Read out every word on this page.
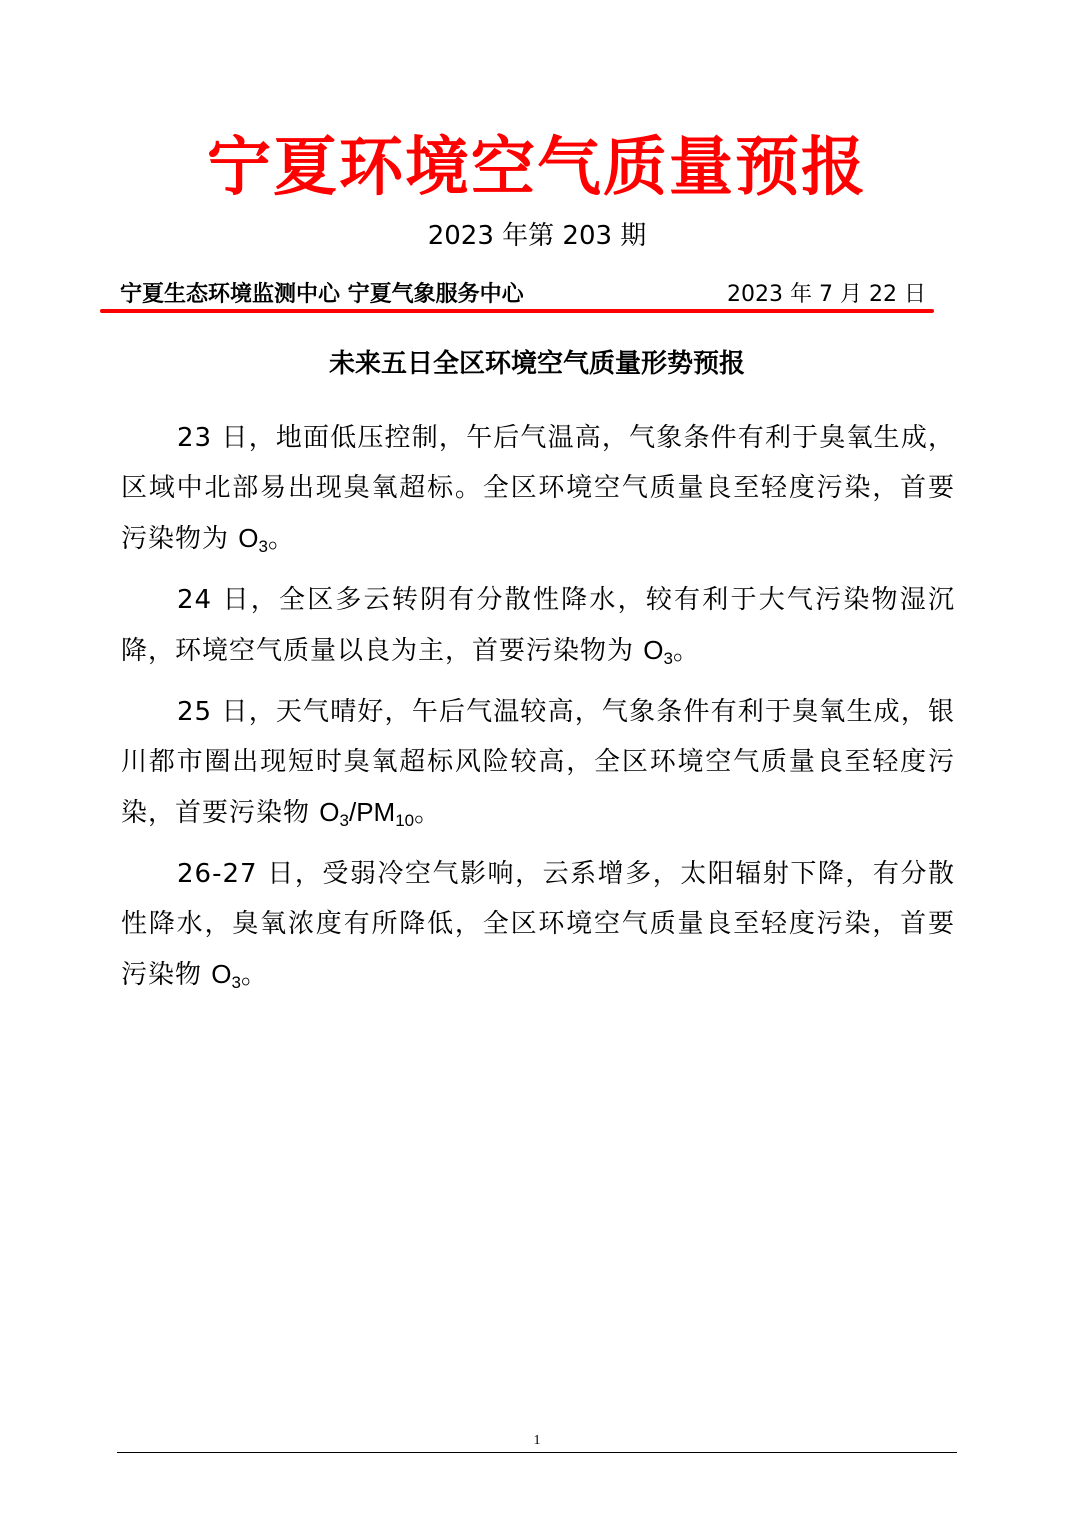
宁夏环境空气质量预报
2023 年第 203 期
宁夏生态环境监测中心 宁夏气象服务中心	2023 年 7 月 22 日
未来五日全区环境空气质量形势预报

23 日，地面低压控制，午后气温高，气象条件有利于臭氧生成，区域中北部易出现臭氧超标。全区环境空气质量良至轻度污染，首要污染物为 $O_3$。

24 日，全区多云转阴有分散性降水，较有利于大气污染物湿沉降，环境空气质量以良为主，首要污染物为 $O_3$。

25 日，天气晴好，午后气温较高，气象条件有利于臭氧生成，银川都市圈出现短时臭氧超标风险较高，全区环境空气质量良至轻度污染，首要污染物 $O_3/PM_{10}$。

26-27 日，受弱冷空气影响，云系增多，太阳辐射下降，有分散性降水，臭氧浓度有所降低，全区环境空气质量良至轻度污染，首要污染物 $O_3$。

1
